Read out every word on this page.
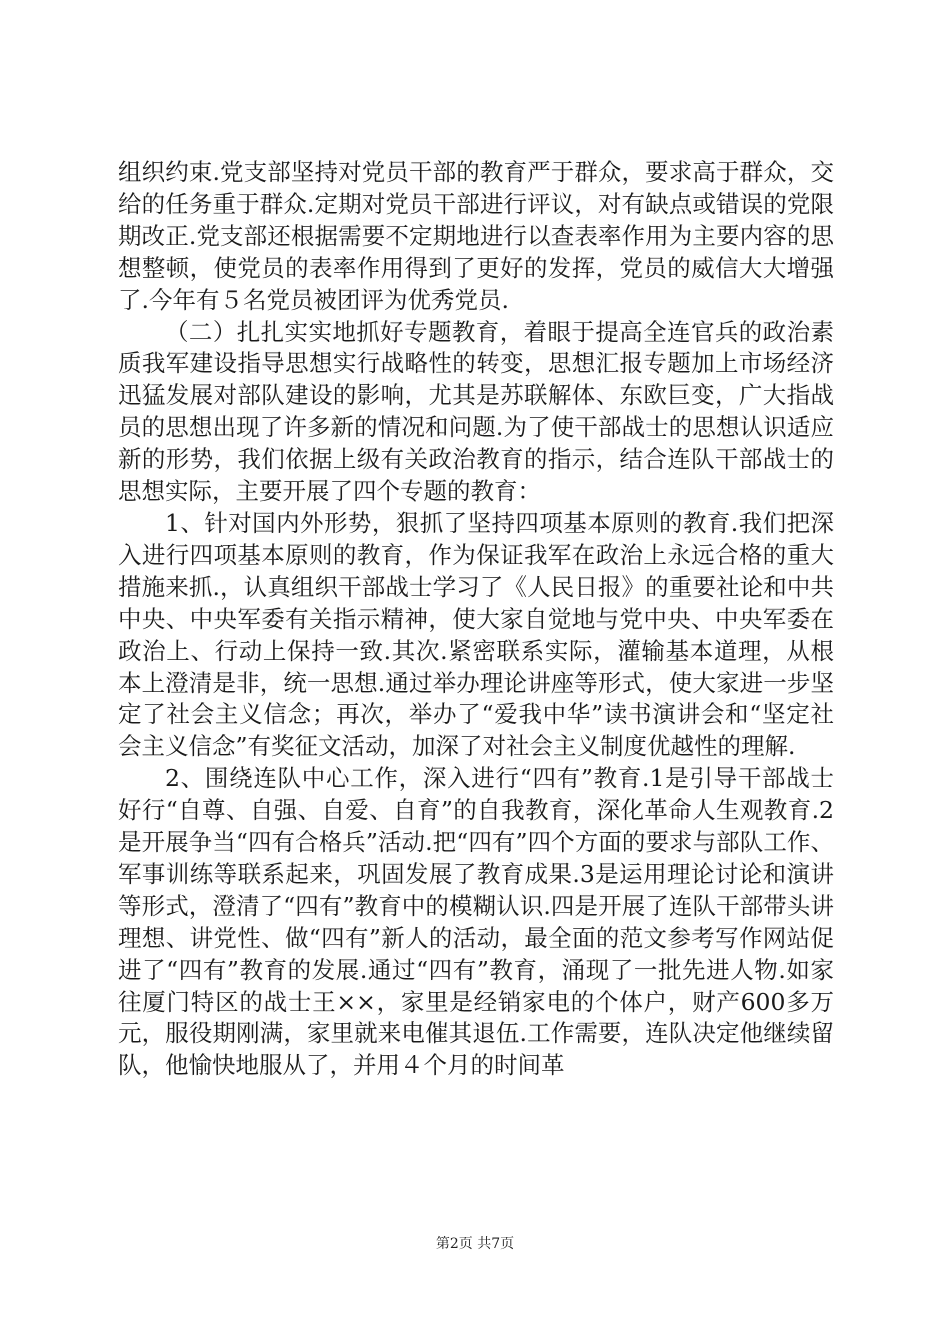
组织约束.党支部坚持对党员干部的教育严于群众，要求高于群众，交给的任务重于群众.定期对党员干部进行评议，对有缺点或错误的党限期改正.党支部还根据需要不定期地进行以查表率作用为主要内容的思想整顿，使党员的表率作用得到了更好的发挥，党员的威信大大增强了.今年有５名党员被团评为优秀党员.

（二）扎扎实实地抓好专题教育，着眼于提高全连官兵的政治素质我军建设指导思想实行战略性的转变，思想汇报专题加上市场经济迅猛发展对部队建设的影响，尤其是苏联解体、东欧巨变，广大指战员的思想出现了许多新的情况和问题.为了使干部战士的思想认识适应新的形势，我们依据上级有关政治教育的指示，结合连队干部战士的思想实际，主要开展了四个专题的教育：

1、针对国内外形势，狠抓了坚持四项基本原则的教育.我们把深入进行四项基本原则的教育，作为保证我军在政治上永远合格的重大措施来抓.，认真组织干部战士学习了《人民日报》的重要社论和中共中央、中央军委有关指示精神，使大家自觉地与党中央、中央军委在政治上、行动上保持一致.其次.紧密联系实际，灌输基本道理，从根本上澄清是非，统一思想.通过举办理论讲座等形式，使大家进一步坚定了社会主义信念；再次，举办了“爱我中华”读书演讲会和“坚定社会主义信念”有奖征文活动，加深了对社会主义制度优越性的理解.

2、围绕连队中心工作，深入进行“四有”教育.1是引导干部战士好行“自尊、自强、自爱、自育”的自我教育，深化革命人生观教育.2是开展争当“四有合格兵”活动.把“四有”四个方面的要求与部队工作、军事训练等联系起来，巩固发展了教育成果.3是运用理论讨论和演讲等形式，澄清了“四有”教育中的模糊认识.四是开展了连队干部带头讲理想、讲党性、做“四有”新人的活动，最全面的范文参考写作网站促进了“四有”教育的发展.通过“四有”教育，涌现了一批先进人物.如家往厦门特区的战士王××，家里是经销家电的个体户，财产600多万元，服役期刚满，家里就来电催其退伍.工作需要，连队决定他继续留队，他愉快地服从了，并用４个月的时间革

第2页 共7页
